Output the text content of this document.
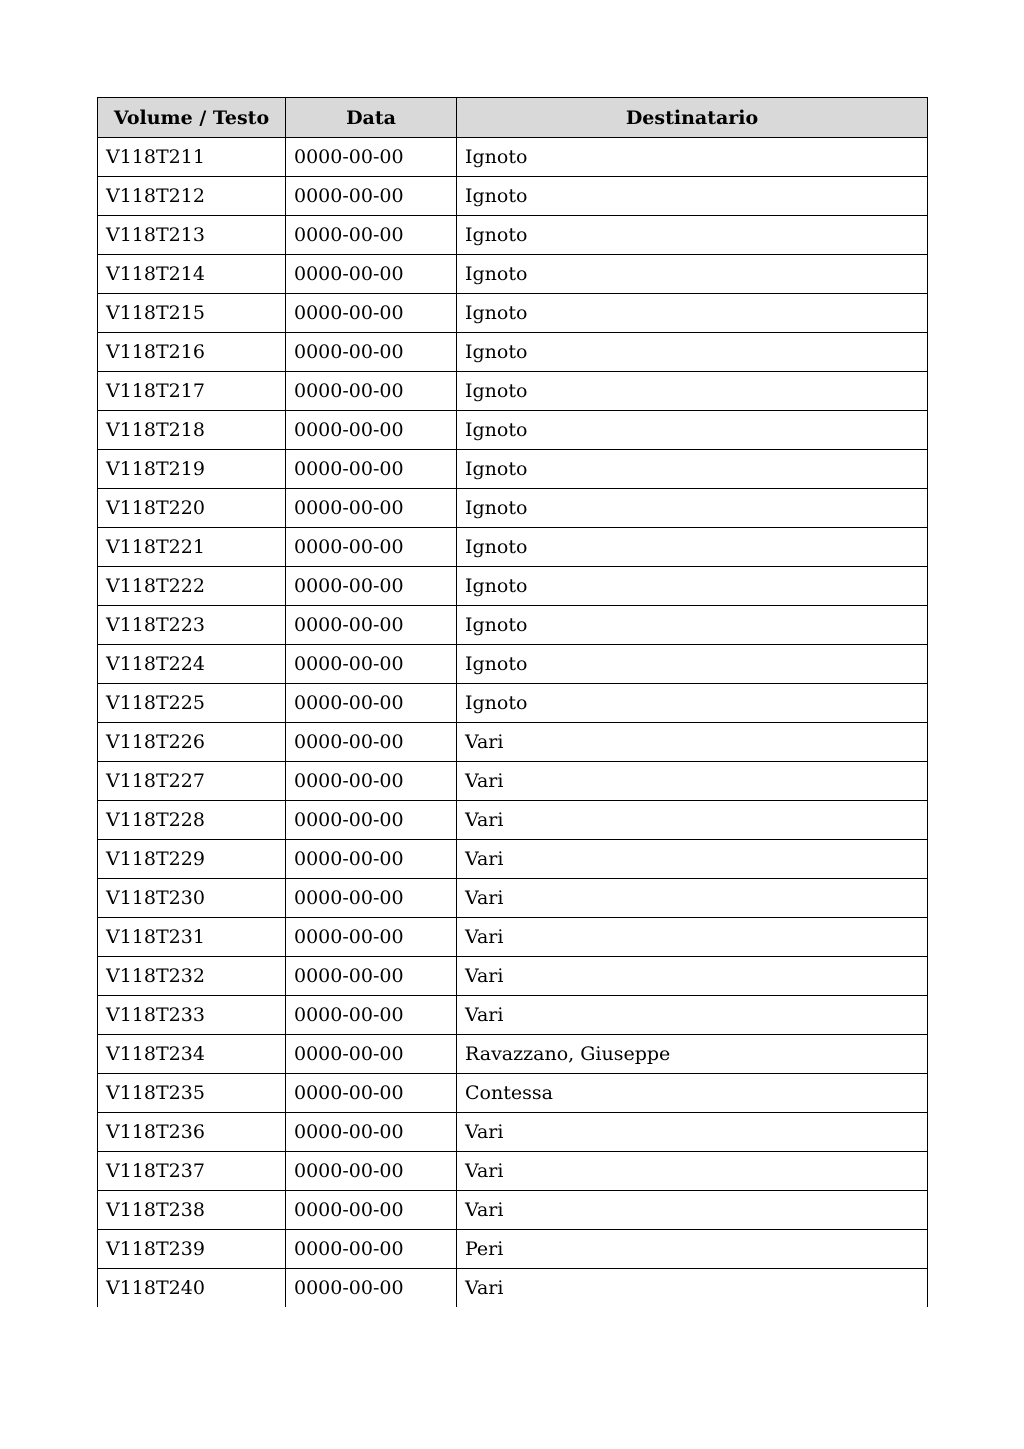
Volume / Testo	Data	Destinatario
V118T211	0000-00-00	Ignoto
V118T212	0000-00-00	Ignoto
V118T213	0000-00-00	Ignoto
V118T214	0000-00-00	Ignoto
V118T215	0000-00-00	Ignoto
V118T216	0000-00-00	Ignoto
V118T217	0000-00-00	Ignoto
V118T218	0000-00-00	Ignoto
V118T219	0000-00-00	Ignoto
V118T220	0000-00-00	Ignoto
V118T221	0000-00-00	Ignoto
V118T222	0000-00-00	Ignoto
V118T223	0000-00-00	Ignoto
V118T224	0000-00-00	Ignoto
V118T225	0000-00-00	Ignoto
V118T226	0000-00-00	Vari
V118T227	0000-00-00	Vari
V118T228	0000-00-00	Vari
V118T229	0000-00-00	Vari
V118T230	0000-00-00	Vari
V118T231	0000-00-00	Vari
V118T232	0000-00-00	Vari
V118T233	0000-00-00	Vari
V118T234	0000-00-00	Ravazzano, Giuseppe
V118T235	0000-00-00	Contessa
V118T236	0000-00-00	Vari
V118T237	0000-00-00	Vari
V118T238	0000-00-00	Vari
V118T239	0000-00-00	Peri
V118T240	0000-00-00	Vari
